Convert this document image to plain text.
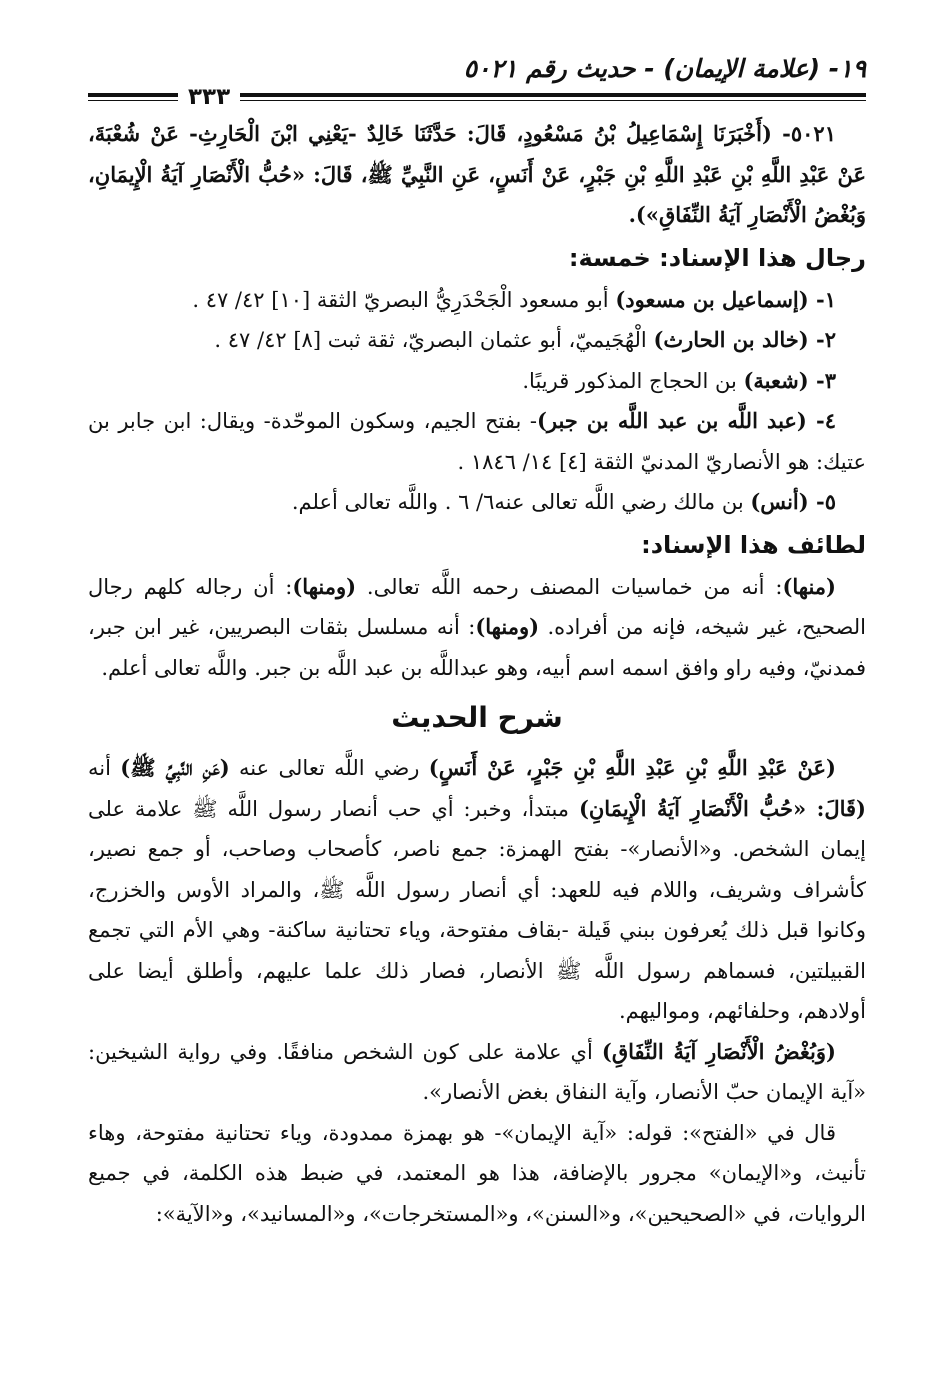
١٩- (علامة الإيمان) - حديث رقم ٥٠٢١
٣٣٣

٥٠٢١- (أَخْبَرَنَا إِسْمَاعِيلُ بْنُ مَسْعُودٍ، قَالَ: حَدَّثَنَا خَالِدٌ -يَعْنِي ابْنَ الْحَارِثِ- عَنْ شُعْبَةَ، عَنْ عَبْدِ اللَّهِ بْنِ عَبْدِ اللَّهِ بْنِ جَبْرٍ، عَنْ أَنَسٍ، عَنِ النَّبِيِّ ﷺ، قَالَ: «حُبُّ الْأَنْصَارِ آيَةُ الْإِيمَانِ، وَبُغْضُ الْأَنْصَارِ آيَةُ النِّفَاقِ»).

رجال هذا الإسناد: خمسة:

١- (إسماعيل بن مسعود) أبو مسعود الْجَحْدَرِيُّ البصريّ الثقة [١٠] ٤٢/ ٤٧ .

٢- (خالد بن الحارث) الْهُجَيميّ، أبو عثمان البصريّ، ثقة ثبت [٨] ٤٢/ ٤٧ .

٣- (شعبة) بن الحجاج المذكور قريبًا.

٤- (عبد اللَّه بن عبد اللَّه بن جبر)- بفتح الجيم، وسكون الموحّدة- ويقال: ابن جابر بن عتيك: هو الأنصاريّ المدنيّ الثقة [٤] ١٤/ ١٨٤٦ .

٥- (أنس) بن مالك رضي اللَّه تعالى عنه٦/ ٦ . واللَّه تعالى أعلم.

لطائف هذا الإسناد:

(منها): أنه من خماسيات المصنف رحمه اللَّه تعالى. (ومنها): أن رجاله كلهم رجال الصحيح، غير شيخه، فإنه من أفراده. (ومنها): أنه مسلسل بثقات البصريين، غير ابن جبر، فمدنيّ، وفيه راو وافق اسمه اسم أبيه، وهو عبداللَّه بن عبد اللَّه بن جبر. واللَّه تعالى أعلم.

شرح الحديث

(عَنْ عَبْدِ اللَّهِ بْنِ عَبْدِ اللَّهِ بْنِ جَبْرٍ، عَنْ أَنَسٍ) رضي اللَّه تعالى عنه (عَنِ النَّبِيِّ ﷺ) أنه (قَالَ: «حُبُّ الْأَنْصَارِ آيَةُ الْإِيمَانِ) مبتدأ، وخبر: أي حب أنصار رسول اللَّه ﷺ علامة على إيمان الشخص. و«الأنصار»- بفتح الهمزة: جمع ناصر، كأصحاب وصاحب، أو جمع نصير، كأشراف وشريف، واللام فيه للعهد: أي أنصار رسول اللَّه ﷺ، والمراد الأوس والخزرج، وكانوا قبل ذلك يُعرفون ببني قَيلة -بقاف مفتوحة، وياء تحتانية ساكنة- وهي الأم التي تجمع القبيلتين، فسماهم رسول اللَّه ﷺ الأنصار، فصار ذلك علما عليهم، وأطلق أيضا على أولادهم، وحلفائهم، ومواليهم.

(وَبُغْضُ الْأَنْصَارِ آيَةُ النِّفَاقِ) أي علامة على كون الشخص منافقًا. وفي رواية الشيخين: «آية الإيمان حبّ الأنصار، وآية النفاق بغض الأنصار».

قال في «الفتح»: قوله: «آية الإيمان»- هو بهمزة ممدودة، وياء تحتانية مفتوحة، وهاء تأنيث، و«الإيمان» مجرور بالإضافة، هذا هو المعتمد، في ضبط هذه الكلمة، في جميع الروايات، في «الصحيحين»، و«السنن»، و«المستخرجات»، و«المسانيد»، و«الآية»:
